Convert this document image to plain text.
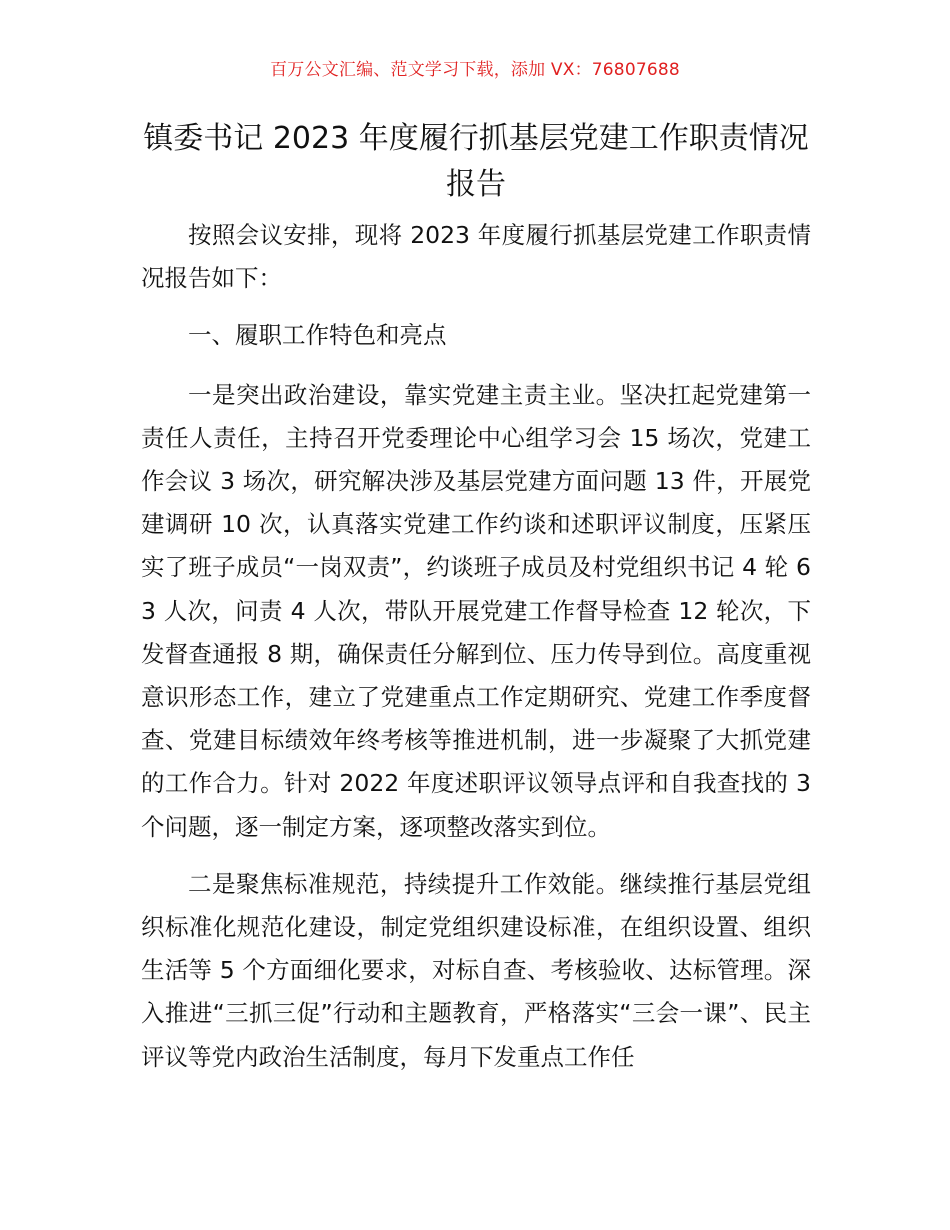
百万公文汇编、范文学习下载，添加 VX：76807688
镇委书记 2023 年度履行抓基层党建工作职责情况报告

按照会议安排，现将 2023 年度履行抓基层党建工作职责情况报告如下：

一、履职工作特色和亮点

一是突出政治建设，靠实党建主责主业。坚决扛起党建第一责任人责任，主持召开党委理论中心组学习会 15 场次，党建工作会议 3 场次，研究解决涉及基层党建方面问题 13 件，开展党建调研 10 次，认真落实党建工作约谈和述职评议制度，压紧压实了班子成员“一岗双责”，约谈班子成员及村党组织书记 4 轮 63 人次，问责 4 人次，带队开展党建工作督导检查 12 轮次，下发督查通报 8 期，确保责任分解到位、压力传导到位。高度重视意识形态工作，建立了党建重点工作定期研究、党建工作季度督查、党建目标绩效年终考核等推进机制，进一步凝聚了大抓党建的工作合力。针对 2022 年度述职评议领导点评和自我查找的 3 个问题，逐一制定方案，逐项整改落实到位。

二是聚焦标准规范，持续提升工作效能。继续推行基层党组织标准化规范化建设，制定党组织建设标准，在组织设置、组织生活等 5 个方面细化要求，对标自查、考核验收、达标管理。深入推进“三抓三促”行动和主题教育，严格落实“三会一课”、民主评议等党内政治生活制度，每月下发重点工作任
